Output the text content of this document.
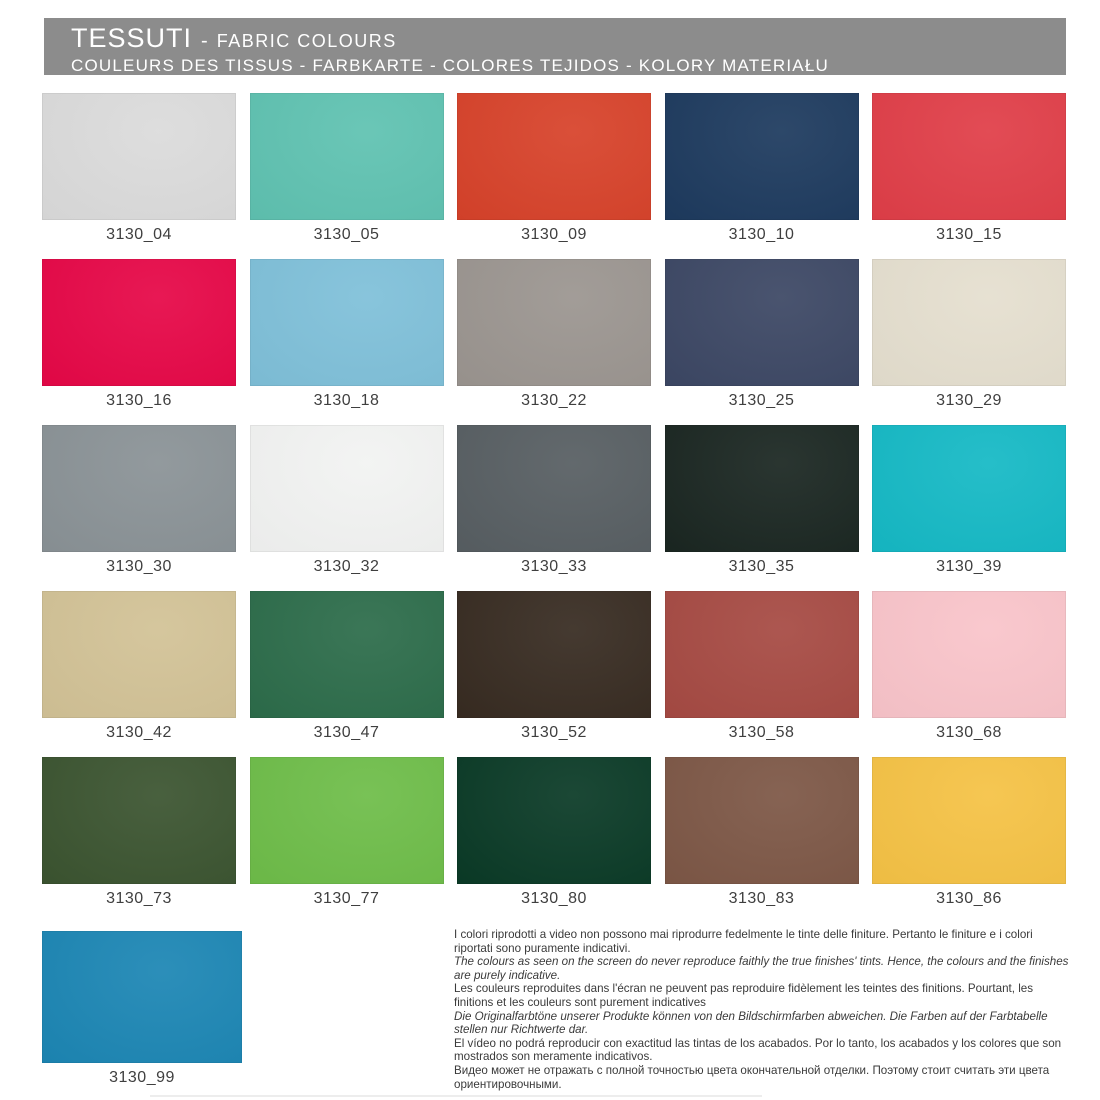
TESSUTI - FABRIC COLOURS
COULEURS DES TISSUS - FARBKARTE - COLORES TEJIDOS - KOLORY MATERIAŁU
3130_04	3130_05	3130_09	3130_10	3130_15
3130_16	3130_18	3130_22	3130_25	3130_29
3130_30	3130_32	3130_33	3130_35	3130_39
3130_42	3130_47	3130_52	3130_58	3130_68
3130_73	3130_77	3130_80	3130_83	3130_86
3130_99
I colori riprodotti a video non possono mai riprodurre fedelmente le tinte delle finiture. Pertanto le finiture e i colori riportati sono puramente indicativi.
The colours as seen on the screen do never reproduce faithly the true finishes' tints. Hence, the colours and the finishes are purely indicative.
Les couleurs reproduites dans l'écran ne peuvent pas reproduire fidèlement les teintes des finitions. Pourtant, les finitions et les couleurs sont purement indicatives
Die Originalfarbtöne unserer Produkte können von den Bildschirmfarben abweichen. Die Farben auf der Farbtabelle stellen nur Richtwerte dar.
El vídeo no podrá reproducir con exactitud las tintas de los acabados. Por lo tanto, los acabados y los colores que son mostrados son meramente indicativos.
Видео может не отражать с полной точностью цвета окончательной отделки. Поэтому стоит считать эти цвета ориентировочными.
